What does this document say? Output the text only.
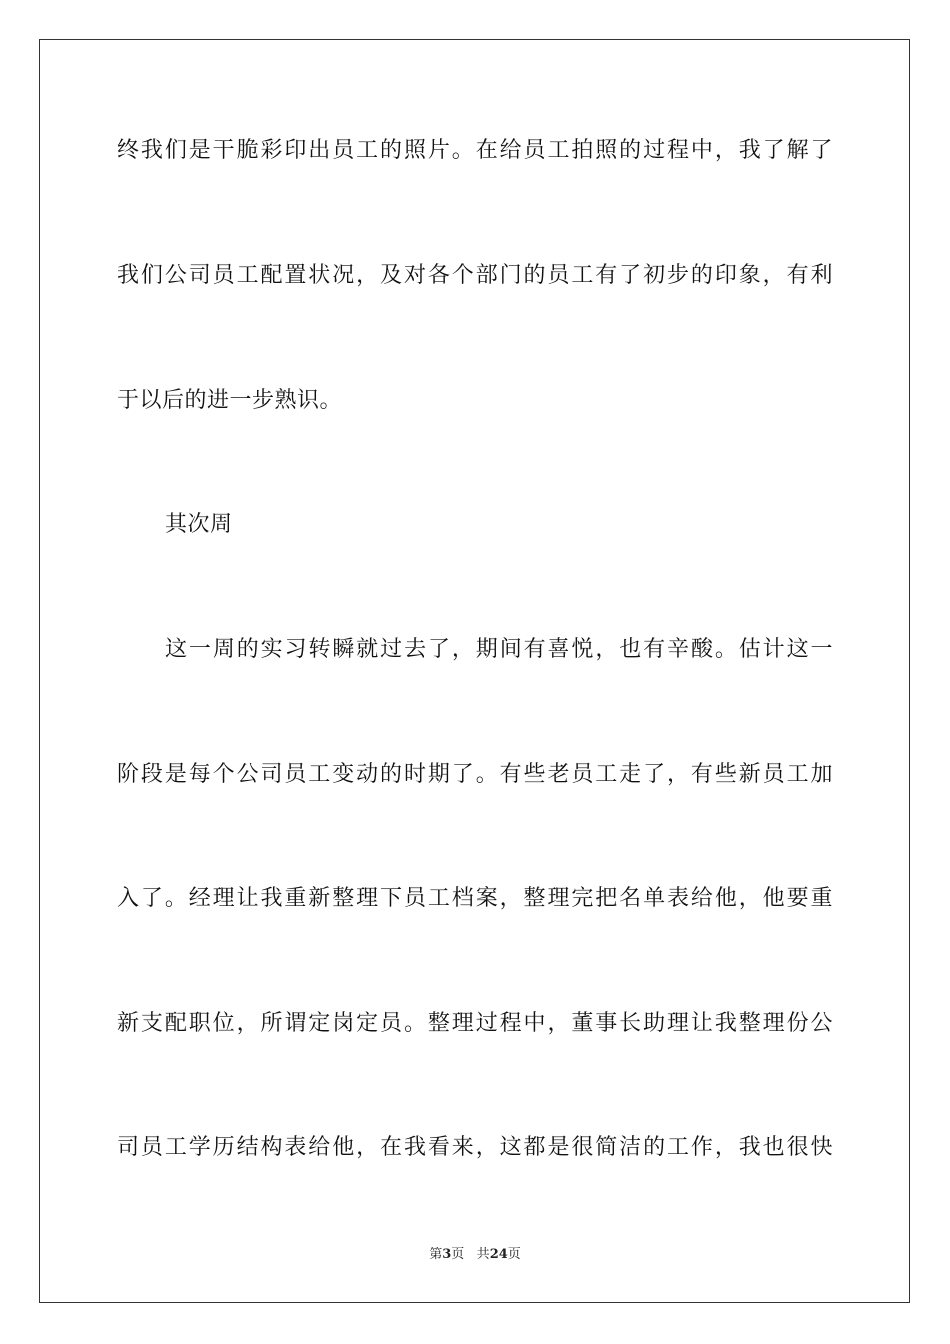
终我们是干脆彩印出员工的照片。在给员工拍照的过程中，我了解了
我们公司员工配置状况，及对各个部门的员工有了初步的印象，有利
于以后的进一步熟识。
其次周
这一周的实习转瞬就过去了，期间有喜悦，也有辛酸。估计这一
阶段是每个公司员工变动的时期了。有些老员工走了，有些新员工加
入了。经理让我重新整理下员工档案，整理完把名单表给他，他要重
新支配职位，所谓定岗定员。整理过程中，董事长助理让我整理份公
司员工学历结构表给他，在我看来，这都是很简洁的工作，我也很快
第3页 共24页
